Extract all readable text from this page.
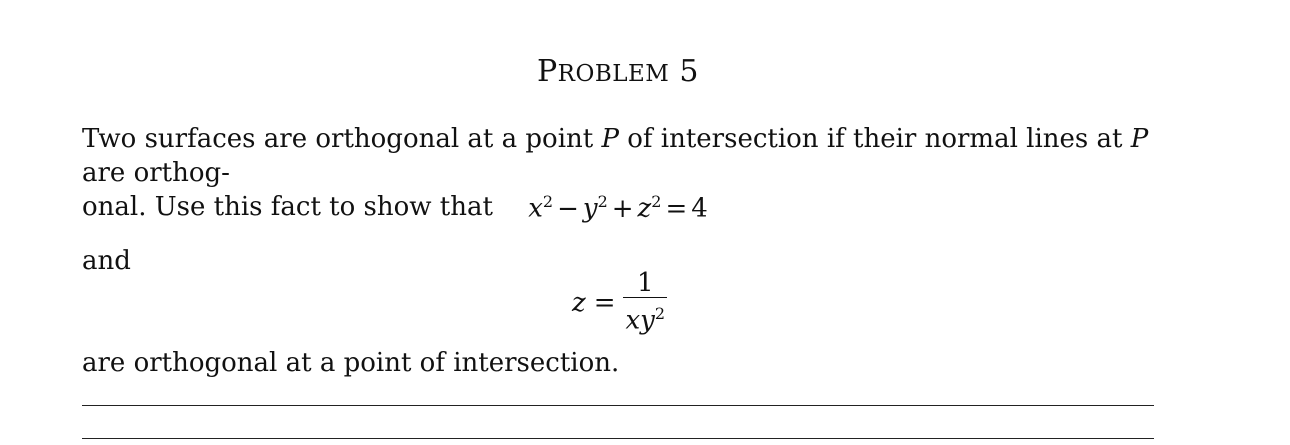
PROBLEM 5
Two surfaces are orthogonal at a point P of intersection if their normal lines at P are orthog-
onal. Use this fact to show that	$x^2 - y^2 + z^2 = 4$
and
$z = \frac{1}{xy^2}$
are orthogonal at a point of intersection.
